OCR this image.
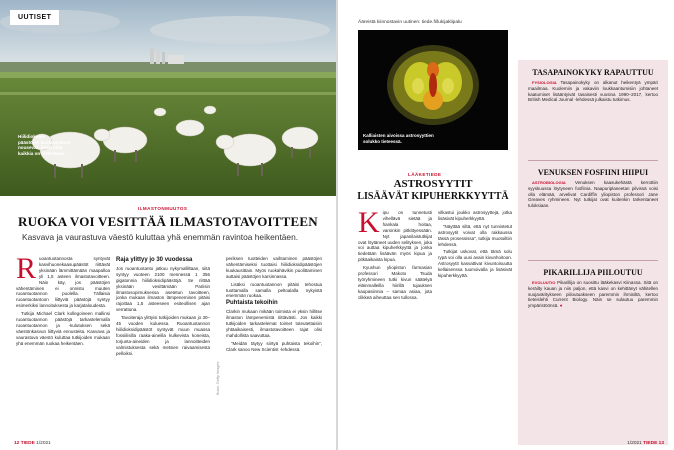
UUTISET
Hiilidioksidi-
päästöjen kustannukset
nousevat, joten niitä
kaikkia on laskettava.
ILMASTONMUUTOS
RUOKA VOI VESITTÄÄ ILMASTOTAVOITTEEN
Kasvava ja vaurastuva väestö kuluttaa yhä enemmän ravintoa heikentäen.
R uoantuotannosta syntyvät kasvihuonekaasupäästöt riittävät yksinään lämmittämään maapalloa yli 1,5 asteen ilmastotavoitteen. Näin käy, jos päästöjen vähentäminen ei onnistu muuten ruoantuotannon puolella. Tällaisia ruoantuotantoon liittyviä päästöjä syntyy esimerkiksi lannoituksesta ja karjataloudesta.

Tutkija Michael Clark kollegoineen mallinsi ruoantuotannon päästöjä tarkastelemalla ruoantuotannon ja -kulutuksen sekä väestönkasvun liittyviä ennusteita. Kasvava ja vaurastuva väestö kuluttaa tutkijoiden mukaan yhä enemmän ruokaa heikentäen.

Raja ylittyy jo 30 vuodessa

Jos ruoantuotanto jatkuu nykymalliltaan, siitä syntyy vuoteen 2100 mennessä 1 356 gigatonnia hiilidioksidipäästöjä. Se riittää yksinään vesittämään Pariisin ilmastosopimuksessa asetetun tavoitteen, jonka mukaan ilmaston lämpeneminen pitäisi rajoittaa 1,5 asteeseen esiteollisen ajan verrattuna.

Tavoiteraja ylittyisi tutkijoiden mukaan jo 30–45 vuoden kuluessa. Ruoantuotannon hiilidioksidipäästöt syntyvät muun muassa fossiilisilla raaka-aineilla kulkevista koneista, torjunta-aineiden ja lannoitteiden valmistuksesta sekä metsien raivaamisesta pelloiksi.

periksen tuotteiden vaihtaminen päästöjen vähentämiseksi tuottaisi hiilidioksidipäästöjen kuukausittain. Myös ruokahävikin puolittaminen auttaisi päästöjen karsinnassa.

Lisäksi ruoantuotannon pitäisi tehostua tuottamalla samalla peltoalalla nykyistä enemmän ruokaa.

Puhtaista tekoihin

Clarkin mukaan mikään toimista ei yksin hillitse ilmaston lämpenemistä riittävästi. Jos kaikki tutkijoiden tarkastelemat toimet toteutettaisiin yhtäaikaisesti, ilmastotavoitteen rajat olisi mahdollista saavuttaa.

“Meidän täytyy siirtyä puhtaista tekoihin”, Clark sanoo New Scientist -lehdessä.

Kuva: Getty Images
12 TIEDE 1/2021
Ääreistä kiinnostavin uutinen: tiede.fi/lukijaklipalu
Kalliaisten aivoissa astrosyyttien
solukko tieteessä.
LÄÄKETIEDE
ASTROSYYTIT
LISÄÄVÄT KIPUHERKKYYTTÄ
K ipu on tunnetusti vihellävä sietää ja hankala hoitaa, varsinkin pitkittyessään. Nyt japanilaistutkijat ovat löytäneet uuden selityksen, joka voi auttaa kipuherkkyyttä ja jonka tiedetään lisäävän myös kipua ja pitkäaikaista kipua.

Kyushun yliopiston farmasian professori Makoto Tsuda työryhmineen tutki kivun säätelyä eläinmalleilla hiirillä tujauksen kaupasiinnia – samaa asiaa, jota clikkeä aiheuttaa sen tullossa.

vilkastui joukko astrosyyttejä, jotka lisäsivät kipuherkkyyttä.

“Näyttää siltä, että nyt tunnistetut astrosyytit voivat olla rakkaussa tässä prosessissa”, tutkija muotoiltiin lehdessä.

Tutkijat uskovat, että tämä solu rypä voi olla uusi avain kivunhoitoon. Astrosyytit kasvattivat kivuntoisuutta kellaisenssa tuumoivalla ja lisäsivät kipuherkkyyttä.

TASAPAINOKYKY RAPAUTTUU

FYSIOLOGIA Tasapainokyky on alkanut heikentyä ympäri maailmaa. Kuolemiin ja vakaviin loukkaantumisiin johtaneet kaatumiset lisääntyivät tasaisesti vuosina 1990–2017, kertoo British Medical Journal -lehdessä julkaistu tutkimus.

VENUKSEN FOSFIINI HIIPUI

ASTROBIOLOGIA Venuksen kaasukehästä kerrottiin syyskuussa löytyneen fosfiinia. Naapuriplaneetan pilvissä voisi olla elämää, arvelivat Cardiffin yliopiston professori Jane Greaves ryhmineen. Nyt tutkijat ovat kuitenkin tarkentaneet tuloksiaan.

PIKARILLIJA PIILOUTUU

EVOLUUTIO Pikarillija on suosittu lääkekasvi Kiinassa. Sitä on keräilty kauan ja niin paljon, että kasvi on kehittänyt vähitellen suojaväritykseen piiloutuakseen paremmin ihmisiltä, kertoo tieteislehti Current Biology. Näin se sulautuu paremmin ympäristöönsä. ●

1/2021 TIEDE 13
